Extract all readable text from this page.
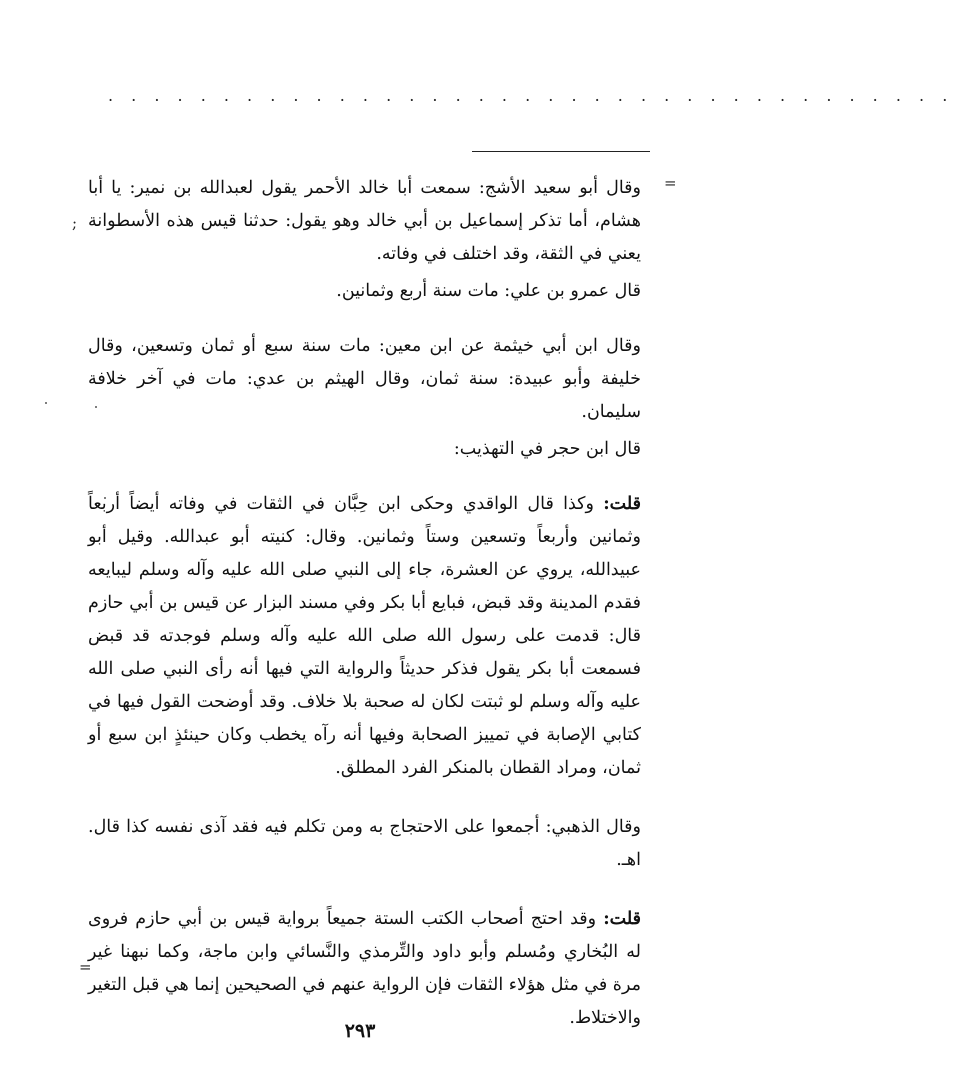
. . . . . . . . . . . . . . . . . . . . . . . . . . . . . . . . . . . . .
=
;
=

وقال أبو سعيد الأشج: سمعت أبا خالد الأحمر يقول لعبدالله بن نمير: يا أبا هشام، أما تذكر إسماعيل بن أبي خالد وهو يقول: حدثنا قيس هذه الأسطوانة يعني في الثقة، وقد اختلف في وفاته.

قال عمرو بن علي: مات سنة أربع وثمانين.

وقال ابن أبي خيثمة عن ابن معين: مات سنة سبع أو ثمان وتسعين، وقال خليفة وأبو عبيدة: سنة ثمان، وقال الهيثم بن عدي: مات في آخر خلافة سليمان.

قال ابن حجر في التهذيب:

قلت: وكذا قال الواقدي وحكى ابن حِبَّان في الثقات في وفاته أيضاً أربعاً وثمانين وأربعاً وتسعين وستاً وثمانين. وقال: كنيته أبو عبدالله. وقيل أبو عبيدالله، يروي عن العشرة، جاء إلى النبي صلى الله عليه وآله وسلم ليبايعه فقدم المدينة وقد قبض، فبايع أبا بكر وفي مسند البزار عن قيس بن أبي حازم قال: قدمت على رسول الله صلى الله عليه وآله وسلم فوجدته قد قبض فسمعت أبا بكر يقول فذكر حديثاً والرواية التي فيها أنه رأى النبي صلى الله عليه وآله وسلم لو ثبتت لكان له صحبة بلا خلاف. وقد أوضحت القول فيها في كتابي الإصابة في تمييز الصحابة وفيها أنه رآه يخطب وكان حينئذٍ ابن سبع أو ثمان، ومراد القطان بالمنكر الفرد المطلق.

وقال الذهبي: أجمعوا على الاحتجاج به ومن تكلم فيه فقد آذى نفسه كذا قال. اهـ.

قلت: وقد احتج أصحاب الكتب الستة جميعاً برواية قيس بن أبي حازم فروى له البُخاري ومُسلم وأبو داود والتِّرمذي والنَّسائي وابن ماجة، وكما نبهنا غير مرة في مثل هؤلاء الثقات فإن الرواية عنهم في الصحيحين إنما هي قبل التغير والاختلاط.

٢٩٣
